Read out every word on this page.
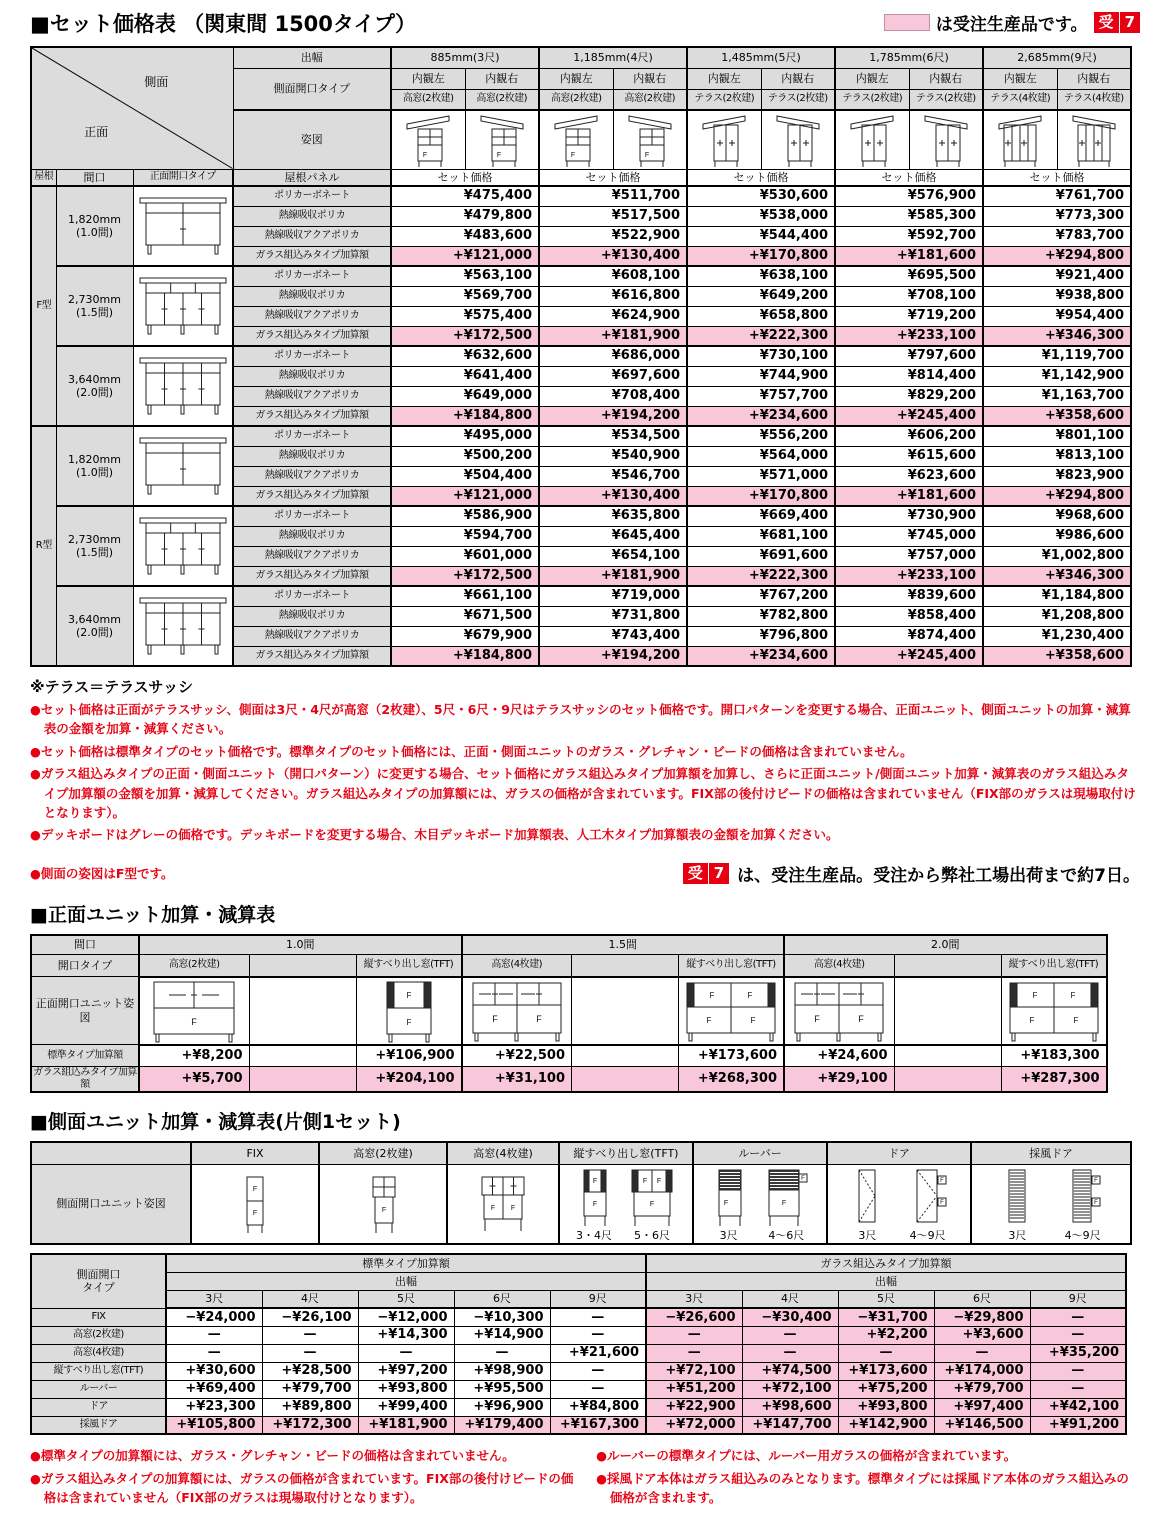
■セット価格表 （関東間 1500タイプ）	は受注生産品です。 受 7
側面
正面			出幅	885mm(3尺)		1,185mm(4尺)		1,485mm(5尺)		1,785mm(6尺)		2,685mm(9尺)	
			側面開口タイプ	内観左	内観右	内観左	内観右	内観左	内観右	内観左	内観右	内観左	内観右
				高窓(2枚建)	高窓(2枚建)	高窓(2枚建)	高窓(2枚建)	テラス(2枚建)	テラス(2枚建)	テラス(2枚建)	テラス(2枚建)	テラス(4枚建)	テラス(4枚建)
			姿図	F	F	F	F

屋根	間口	正面開口タイプ	屋根パネル	セット価格		セット価格		セット価格		セット価格		セット価格	
F型	1,820mm
(1.0間)		ポリカーボネート	¥475,400		¥511,700		¥530,600		¥576,900		¥761,700	
			熱線吸収ポリカ	¥479,800		¥517,500		¥538,000		¥585,300		¥773,300	
			熱線吸収アクアポリカ	¥483,600		¥522,900		¥544,400		¥592,700		¥783,700	
			ガラス組込みタイプ加算額	+¥121,000		+¥130,400		+¥170,800		+¥181,600		+¥294,800	
	2,730mm
(1.5間)		ポリカーボネート	¥563,100		¥608,100		¥638,100		¥695,500		¥921,400	
			熱線吸収ポリカ	¥569,700		¥616,800		¥649,200		¥708,100		¥938,800	
			熱線吸収アクアポリカ	¥575,400		¥624,900		¥658,800		¥719,200		¥954,400	
			ガラス組込みタイプ加算額	+¥172,500		+¥181,900		+¥222,300		+¥233,100		+¥346,300	
	3,640mm
(2.0間)		ポリカーボネート	¥632,600		¥686,000		¥730,100		¥797,600		¥1,119,700	
			熱線吸収ポリカ	¥641,400		¥697,600		¥744,900		¥814,400		¥1,142,900	
			熱線吸収アクアポリカ	¥649,000		¥708,400		¥757,700		¥829,200		¥1,163,700	
			ガラス組込みタイプ加算額	+¥184,800		+¥194,200		+¥234,600		+¥245,400		+¥358,600	
R型	1,820mm
(1.0間)		ポリカーボネート	¥495,000		¥534,500		¥556,200		¥606,200		¥801,100	
			熱線吸収ポリカ	¥500,200		¥540,900		¥564,000		¥615,600		¥813,100	
			熱線吸収アクアポリカ	¥504,400		¥546,700		¥571,000		¥623,600		¥823,900	
			ガラス組込みタイプ加算額	+¥121,000		+¥130,400		+¥170,800		+¥181,600		+¥294,800	
	2,730mm
(1.5間)		ポリカーボネート	¥586,900		¥635,800		¥669,400		¥730,900		¥968,600	
			熱線吸収ポリカ	¥594,700		¥645,400		¥681,100		¥745,000		¥986,600	
			熱線吸収アクアポリカ	¥601,000		¥654,100		¥691,600		¥757,000		¥1,002,800	
			ガラス組込みタイプ加算額	+¥172,500		+¥181,900		+¥222,300		+¥233,100		+¥346,300	
	3,640mm
(2.0間)		ポリカーボネート	¥661,100		¥719,000		¥767,200		¥839,600		¥1,184,800	
			熱線吸収ポリカ	¥671,500		¥731,800		¥782,800		¥858,400		¥1,208,800	
			熱線吸収アクアポリカ	¥679,900		¥743,400		¥796,800		¥874,400		¥1,230,400	
			ガラス組込みタイプ加算額	+¥184,800		+¥194,200		+¥234,600		+¥245,400		+¥358,600	
※テラス＝テラスサッシ
●セット価格は正面がテラスサッシ、側面は3尺・4尺が高窓（2枚建）、5尺・6尺・9尺はテラスサッシのセット価格です。開口パターンを変更する場合、正面ユニット、側面ユニットの加算・減算表の金額を加算・減算ください。
●セット価格は標準タイプのセット価格です。標準タイプのセット価格には、正面・側面ユニットのガラス・グレチャン・ビードの価格は含まれていません。
●ガラス組込みタイプの正面・側面ユニット（開口パターン）に変更する場合、セット価格にガラス組込みタイプ加算額を加算し、さらに正面ユニット/側面ユニット加算・減算表のガラス組込みタイプ加算額の金額を加算・減算してください。ガラス組込みタイプの加算額には、ガラスの価格が含まれています。FIX部の後付けビードの価格は含まれていません（FIX部のガラスは現場取付けとなります）。
●デッキボードはグレーの価格です。デッキボードを変更する場合、木目デッキボード加算額表、人工木タイプ加算額表の金額を加算ください。
●側面の姿図はF型です。	受 7 は、受注生産品。受注から弊社工場出荷まで約7日。
■正面ユニット加算・減算表
間口	1.0間			1.5間			2.0間		
開口タイプ	高窓(2枚建)		縦すべり出し窓(TFT)	高窓(4枚建)		縦すべり出し窓(TFT)	高窓(4枚建)		縦すべり出し窓(TFT)
正面開口ユニット姿図	F		F
F	F F		F F
F F	F F		F F
F F

標準タイプ加算額	+¥8,200		+¥106,900	+¥22,500		+¥173,600	+¥24,600		+¥183,300
ガラス組込みタイプ加算額	+¥5,700		+¥204,100	+¥31,100		+¥268,300	+¥29,100		+¥287,300
■側面ユニット加算・減算表(片側1セット)
	FIX	高窓(2枚建)	高窓(4枚建)	縦すべり出し窓(TFT)	ルーバー	ドア	採風ドア
側面開口ユニット姿図	
F
F	F	F F

F
F
3・4尺
F F
F
5・6尺

F
3尺
F
F
4～6尺	3尺
F
F
4～9尺	3尺
F
F
4～9尺
側面開口
タイプ	標準タイプ加算額					ガラス組込みタイプ加算額				
	出幅					出幅				
	3尺	4尺	5尺	6尺	9尺	3尺	4尺	5尺	6尺	9尺
FIX	−¥24,000	−¥26,100	−¥12,000	−¥10,300	—	−¥26,600	−¥30,400	−¥31,700	−¥29,800	—
高窓(2枚建)	—	—	+¥14,300	+¥14,900	—	—	—	+¥2,200	+¥3,600	—
高窓(4枚建)	—	—	—	—	+¥21,600	—	—	—	—	+¥35,200
縦すべり出し窓(TFT)	+¥30,600	+¥28,500	+¥97,200	+¥98,900	—	+¥72,100	+¥74,500	+¥173,600	+¥174,000	—
ルーバー	+¥69,400	+¥79,700	+¥93,800	+¥95,500	—	+¥51,200	+¥72,100	+¥75,200	+¥79,700	—
ドア	+¥23,300	+¥89,800	+¥99,400	+¥96,900	+¥84,800	+¥22,900	+¥98,600	+¥93,800	+¥97,400	+¥42,100
採風ドア	+¥105,800	+¥172,300	+¥181,900	+¥179,400	+¥167,300	+¥72,000	+¥147,700	+¥142,900	+¥146,500	+¥91,200
●標準タイプの加算額には、ガラス・グレチャン・ビードの価格は含まれていません。
●ガラス組込みタイプの加算額には、ガラスの価格が含まれています。FIX部の後付けビードの価格は含まれていません（FIX部のガラスは現場取付けとなります）。
●ルーバーの標準タイプには、ルーバー用ガラスの価格が含まれています。
●採風ドア本体はガラス組込みのみとなります。標準タイプには採風ドア本体のガラス組込みの価格が含まれます。
